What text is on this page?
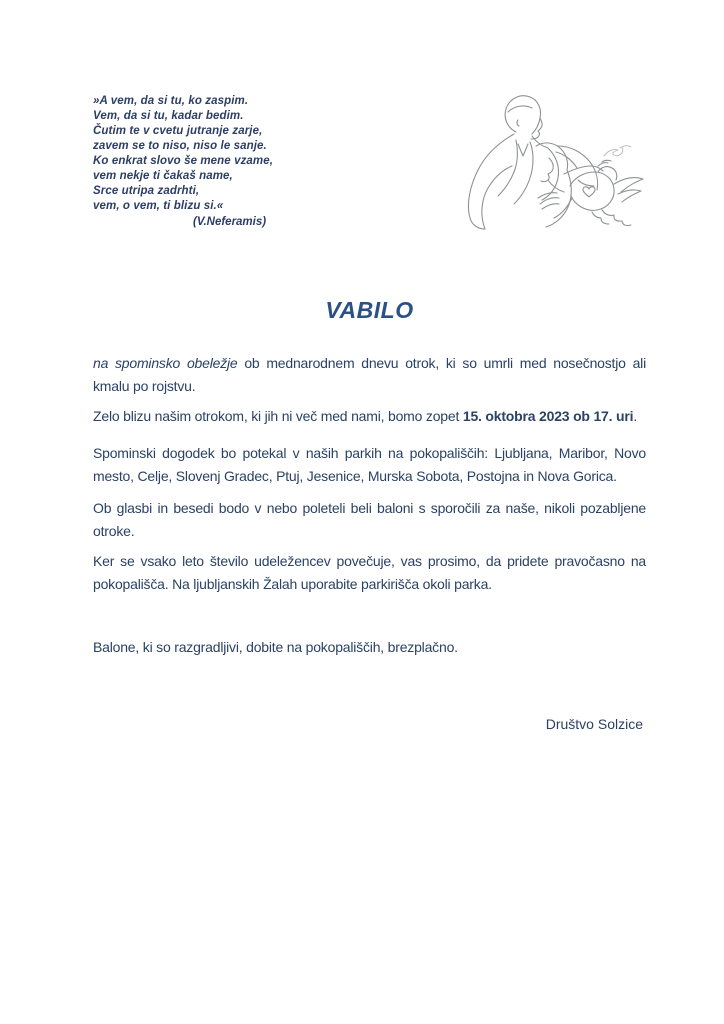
»A vem, da si tu, ko zaspim.
Vem, da si tu, kadar bedim.
Čutim te v cvetu jutranje zarje,
zavem se to niso, niso le sanje.
Ko enkrat slovo še mene vzame,
vem nekje ti čakaš name,
Srce utripa zadrhti,
vem, o vem, ti blizu si.«
(V.Neferamis)
VABILO
na spominsko obeležje ob mednarodnem dnevu otrok, ki so umrli med nosečnostjo ali kmalu po rojstvu.
Zelo blizu našim otrokom, ki jih ni več med nami, bomo zopet 15. oktobra 2023 ob 17. uri.
Spominski dogodek bo potekal v naših parkih na pokopališčih: Ljubljana, Maribor, Novo mesto, Celje, Slovenj Gradec, Ptuj, Jesenice, Murska Sobota, Postojna in Nova Gorica.
Ob glasbi in besedi bodo v nebo poleteli beli baloni s sporočili za naše, nikoli pozabljene otroke.
Ker se vsako leto število udeležencev povečuje, vas prosimo, da pridete pravočasno na pokopališča. Na ljubljanskih Žalah uporabite parkirišča okoli parka.
Balone, ki so razgradljivi, dobite na pokopališčih, brezplačno.
Društvo Solzice
